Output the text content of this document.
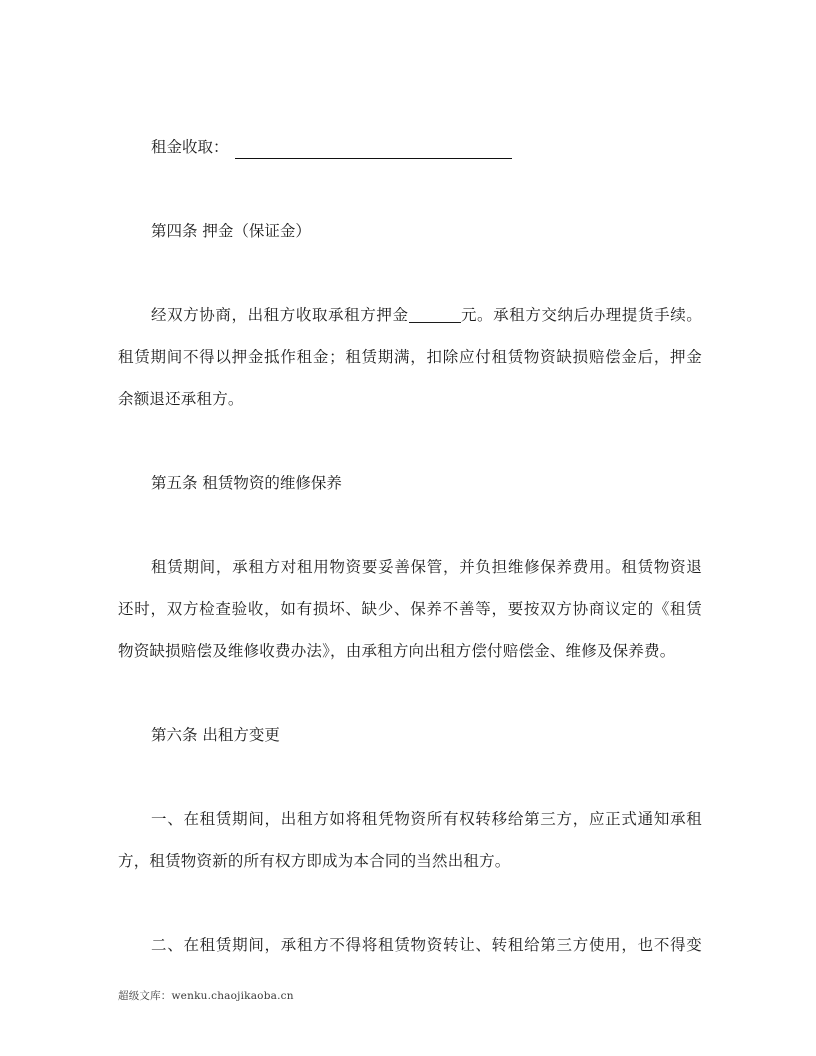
租金收取：
第四条 押金（保证金）
经双方协商，出租方收取承租方押金	元。承租方交纳后办理提货手续。
租赁期间不得以押金抵作租金；租赁期满，扣除应付租赁物资缺损赔偿金后，押金
余额退还承租方。
第五条 租赁物资的维修保养
租赁期间，承租方对租用物资要妥善保管，并负担维修保养费用。租赁物资退
还时，双方检查验收，如有损坏、缺少、保养不善等，要按双方协商议定的《租赁
物资缺损赔偿及维修收费办法》，由承租方向出租方偿付赔偿金、维修及保养费。
第六条 出租方变更
一、在租赁期间，出租方如将租凭物资所有权转移给第三方，应正式通知承租
方，租赁物资新的所有权方即成为本合同的当然出租方。
二、在租赁期间，承租方不得将租赁物资转让、转租给第三方使用，也不得变
超级文库：wenku.chaojikaoba.cn
